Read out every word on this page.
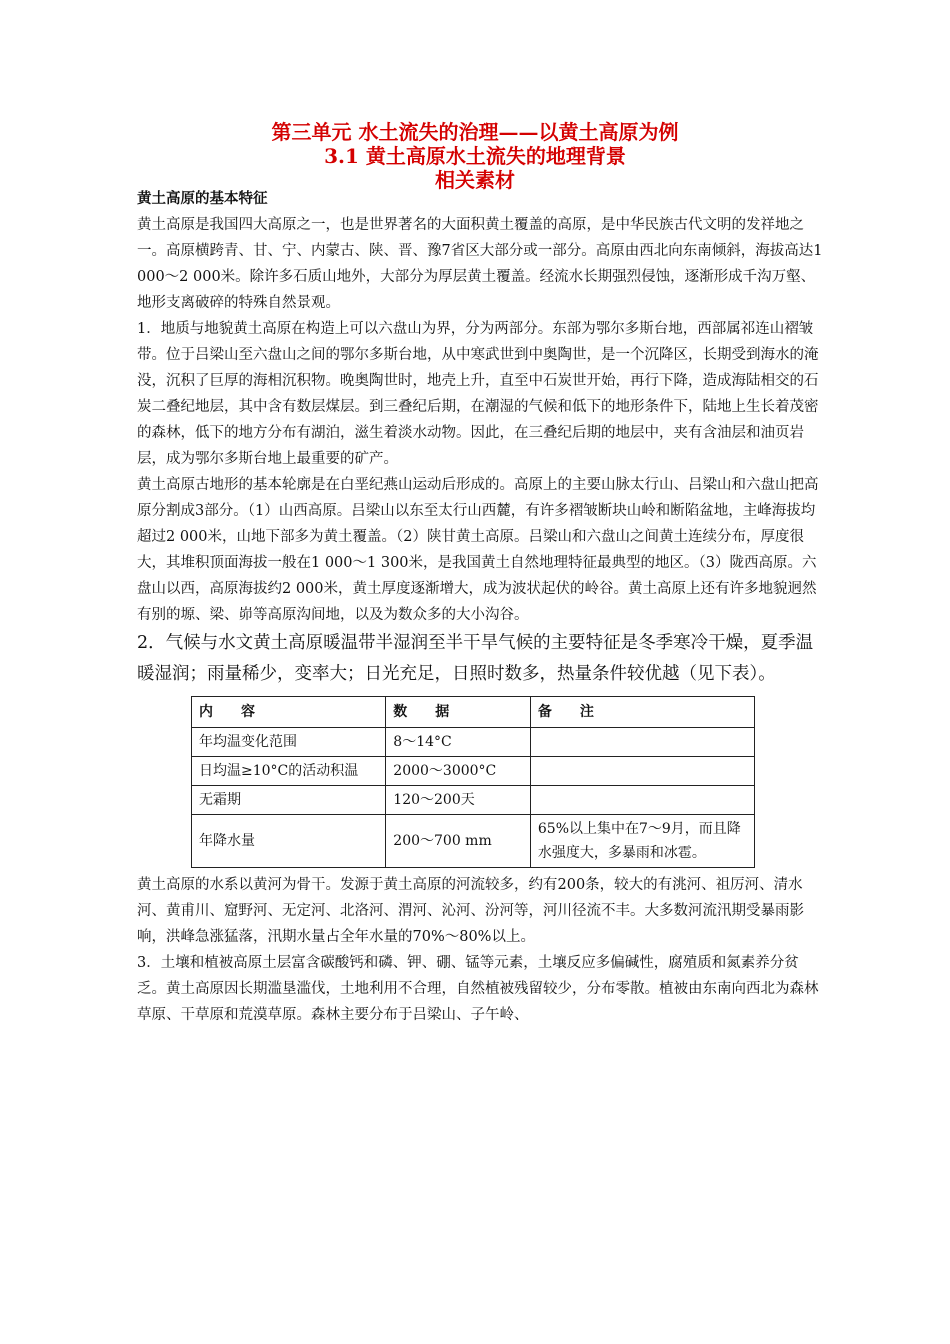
第三单元 水土流失的治理——以黄土高原为例
3.1 黄土高原水土流失的地理背景
相关素材

黄土高原的基本特征

黄土高原是我国四大高原之一，也是世界著名的大面积黄土覆盖的高原，是中华民族古代文明的发祥地之一。高原横跨青、甘、宁、内蒙古、陕、晋、豫7省区大部分或一部分。高原由西北向东南倾斜，海拔高达1 000～2 000米。除许多石质山地外，大部分为厚层黄土覆盖。经流水长期强烈侵蚀，逐渐形成千沟万壑、地形支离破碎的特殊自然景观。

1．地质与地貌黄土高原在构造上可以六盘山为界，分为两部分。东部为鄂尔多斯台地，西部属祁连山褶皱带。位于吕梁山至六盘山之间的鄂尔多斯台地，从中寒武世到中奥陶世，是一个沉降区，长期受到海水的淹没，沉积了巨厚的海相沉积物。晚奥陶世时，地壳上升，直至中石炭世开始，再行下降，造成海陆相交的石炭二叠纪地层，其中含有数层煤层。到三叠纪后期，在潮湿的气候和低下的地形条件下，陆地上生长着茂密的森林，低下的地方分布有湖泊，滋生着淡水动物。因此，在三叠纪后期的地层中，夹有含油层和油页岩层，成为鄂尔多斯台地上最重要的矿产。

黄土高原古地形的基本轮廓是在白垩纪燕山运动后形成的。高原上的主要山脉太行山、吕梁山和六盘山把高原分割成3部分。（1）山西高原。吕梁山以东至太行山西麓，有许多褶皱断块山岭和断陷盆地，主峰海拔均超过2 000米，山地下部多为黄土覆盖。（2）陕甘黄土高原。吕梁山和六盘山之间黄土连续分布，厚度很大，其堆积顶面海拔一般在1 000～1 300米，是我国黄土自然地理特征最典型的地区。（3）陇西高原。六盘山以西，高原海拔约2 000米，黄土厚度逐渐增大，成为波状起伏的岭谷。黄土高原上还有许多地貌迥然有别的塬、梁、峁等高原沟间地，以及为数众多的大小沟谷。

2．气候与水文黄土高原暖温带半湿润至半干旱气候的主要特征是冬季寒冷干燥，夏季温暖湿润；雨量稀少，变率大；日光充足，日照时数多，热量条件较优越（见下表）。

内　　容	数　　据	备　　注
年均温变化范围	8～14°C	
日均温≥10°C的活动积温	2000～3000°C	
无霜期	120～200天	
年降水量	200～700 mm	65%以上集中在7～9月，而且降水强度大，多暴雨和冰雹。

黄土高原的水系以黄河为骨干。发源于黄土高原的河流较多，约有200条，较大的有洮河、祖厉河、清水河、黄甫川、窟野河、无定河、北洛河、渭河、沁河、汾河等，河川径流不丰。大多数河流汛期受暴雨影响，洪峰急涨猛落，汛期水量占全年水量的70%～80%以上。

3．土壤和植被高原土层富含碳酸钙和磷、钾、硼、锰等元素，土壤反应多偏碱性，腐殖质和氮素养分贫乏。黄土高原因长期滥垦滥伐，土地利用不合理，自然植被残留较少，分布零散。植被由东南向西北为森林草原、干草原和荒漠草原。森林主要分布于吕梁山、子午岭、
